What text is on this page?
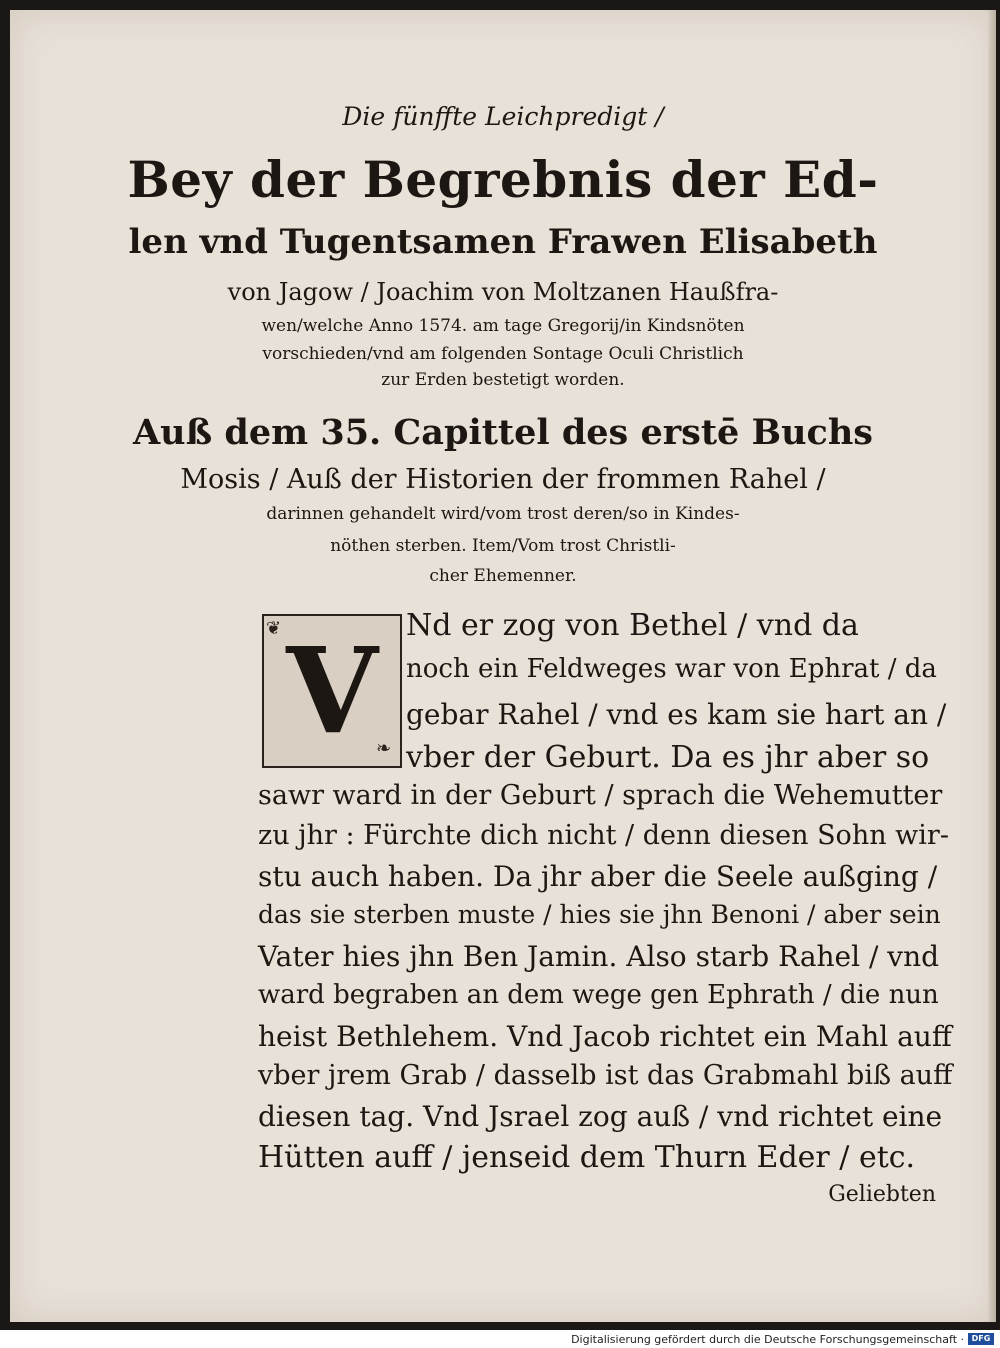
Die fünffte Leichpredigt /
Bey der Begrebnis der Ed-
len vnd Tugentsamen Frawen Elisabeth
von Jagow / Joachim von Moltzanen Haußfra-
wen/welche Anno 1574. am tage Gregorij/in Kindsnöten
vorschieden/vnd am folgenden Sontage Oculi Christlich
zur Erden bestetigt worden.
Auß dem 35. Capittel des erstē Buchs
Mosis / Auß der Historien der frommen Rahel /
darinnen gehandelt wird/vom trost deren/so in Kindes-
nöthen sterben. Item/Vom trost Christli-
cher Ehemenner.
V
❦
❧
Nd er zog von Bethel / vnd da
noch ein Feldweges war von Ephrat / da
gebar Rahel / vnd es kam sie hart an /
vber der Geburt. Da es jhr aber so
sawr ward in der Geburt / sprach die Wehemutter
zu jhr : Fürchte dich nicht / denn diesen Sohn wir-
stu auch haben. Da jhr aber die Seele außging /
das sie sterben muste / hies sie jhn Benoni / aber sein
Vater hies jhn Ben Jamin. Also starb Rahel / vnd
ward begraben an dem wege gen Ephrath / die nun
heist Bethlehem. Vnd Jacob richtet ein Mahl auff
vber jrem Grab / dasselb ist das Grabmahl biß auff
diesen tag. Vnd Jsrael zog auß / vnd richtet eine
Hütten auff / jenseid dem Thurn Eder / etc.
Geliebten
Digitalisierung gefördert durch die Deutsche Forschungsgemeinschaft · DFG
